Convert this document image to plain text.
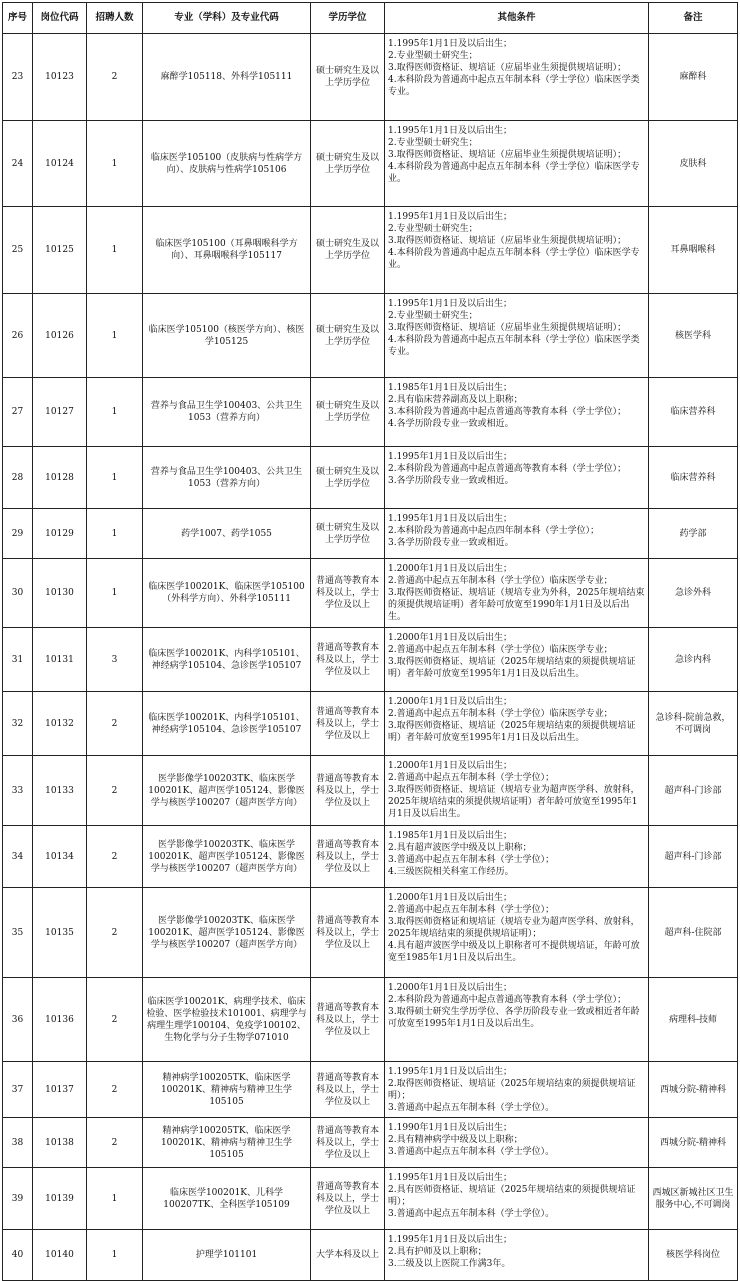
序号	岗位代码	招聘人数	专业（学科）及专业代码	学历学位	其他条件	备注
23	10123	2	麻醉学105118、外科学105111	硕士研究生及以上学历学位	1.1995年1月1日及以后出生；
2.专业型硕士研究生；
3.取得医师资格证、规培证（应届毕业生须提供规培证明）；
4.本科阶段为普通高中起点五年制本科（学士学位）临床医学类专业。	麻醉科
24	10124	1	临床医学105100（皮肤病与性病学方向）、皮肤病与性病学105106	硕士研究生及以上学历学位	1.1995年1月1日及以后出生；
2.专业型硕士研究生；
3.取得医师资格证、规培证（应届毕业生须提供规培证明）；
4.本科阶段为普通高中起点五年制本科（学士学位）临床医学专业。	皮肤科
25	10125	1	临床医学105100（耳鼻咽喉科学方向）、耳鼻咽喉科学105117	硕士研究生及以上学历学位	1.1995年1月1日及以后出生；
2.专业型硕士研究生；
3.取得医师资格证、规培证（应届毕业生须提供规培证明）；
4.本科阶段为普通高中起点五年制本科（学士学位）临床医学专业。	耳鼻咽喉科
26	10126	1	临床医学105100（核医学方向）、核医学105125	硕士研究生及以上学历学位	1.1995年1月1日及以后出生；
2.专业型硕士研究生；
3.取得医师资格证、规培证（应届毕业生须提供规培证明）；
4.本科阶段为普通高中起点五年制本科（学士学位）临床医学类专业。	核医学科
27	10127	1	营养与食品卫生学100403、公共卫生1053（营养方向）	硕士研究生及以上学历学位	1.1985年1月1日及以后出生；
2.具有临床营养副高及以上职称；
3.本科阶段为普通高中起点普通高等教育本科（学士学位）；
4.各学历阶段专业一致或相近。	临床营养科
28	10128	1	营养与食品卫生学100403、公共卫生1053（营养方向）	硕士研究生及以上学历学位	1.1995年1月1日及以后出生；
2.本科阶段为普通高中起点普通高等教育本科（学士学位）；
3.各学历阶段专业一致或相近。	临床营养科
29	10129	1	药学1007、药学1055	硕士研究生及以上学历学位	1.1995年1月1日及以后出生；
2.本科阶段为普通高中起点四年制本科（学士学位）；
3.各学历阶段专业一致或相近。	药学部
30	10130	1	临床医学100201K、临床医学105100（外科学方向）、外科学105111	普通高等教育本科及以上，学士学位及以上	1.2000年1月1日及以后出生；
2.普通高中起点五年制本科（学士学位）临床医学专业；
3.取得医师资格证、规培证（规培专业为外科，2025年规培结束的须提供规培证明）者年龄可放宽至1990年1月1日及以后出生。	急诊外科
31	10131	3	临床医学100201K、内科学105101、神经病学105104、急诊医学105107	普通高等教育本科及以上，学士学位及以上	1.2000年1月1日及以后出生；
2.普通高中起点五年制本科（学士学位）临床医学专业；
3.取得医师资格证、规培证（2025年规培结束的须提供规培证明）者年龄可放宽至1995年1月1日及以后出生。	急诊内科
32	10132	2	临床医学100201K、内科学105101、神经病学105104、急诊医学105107	普通高等教育本科及以上，学士学位及以上	1.2000年1月1日及以后出生；
2.普通高中起点五年制本科（学士学位）临床医学专业；
3.取得医师资格证、规培证（2025年规培结束的须提供规培证明）者年龄可放宽至1995年1月1日及以后出生。	急诊科-院前急救，不可调岗
33	10133	2	医学影像学100203TK、临床医学100201K、超声医学105124、影像医学与核医学100207（超声医学方向）	普通高等教育本科及以上，学士学位及以上	1.2000年1月1日及以后出生；
2.普通高中起点五年制本科（学士学位）；
3.取得医师资格证、规培证（规培专业为超声医学科、放射科，2025年规培结束的须提供规培证明）者年龄可放宽至1995年1月1日及以后出生。	超声科-门诊部
34	10134	2	医学影像学100203TK、临床医学100201K、超声医学105124、影像医学与核医学100207（超声医学方向）	普通高等教育本科及以上，学士学位及以上	1.1985年1月1日及以后出生；
2.具有超声波医学中级及以上职称；
3.普通高中起点五年制本科（学士学位）；
4.三级医院相关科室工作经历。	超声科-门诊部
35	10135	2	医学影像学100203TK、临床医学100201K、超声医学105124、影像医学与核医学100207（超声医学方向）	普通高等教育本科及以上，学士学位及以上	1.2000年1月1日及以后出生；
2.普通高中起点五年制本科（学士学位）；
3.取得医师资格证和规培证（规培专业为超声医学科、放射科，2025年规培结束的须提供规培证明）；
4.具有超声波医学中级及以上职称者可不提供规培证，年龄可放宽至1985年1月1日及以后出生。	超声科-住院部
36	10136	2	临床医学100201K、病理学技术、临床检验、医学检验技术101001、病理学与病理生理学100104、免疫学100102、生物化学与分子生物学071010	普通高等教育本科及以上，学士学位及以上	1.2000年1月1日及以后出生；
2.本科阶段为普通高中起点普通高等教育本科（学士学位）；
3.取得硕士研究生学历学位、各学历阶段专业一致或相近者年龄可放宽至1995年1月1日及以后出生。	病理科-技师
37	10137	2	精神病学100205TK、临床医学100201K、精神病与精神卫生学105105	普通高等教育本科及以上，学士学位及以上	1.1995年1月1日及以后出生；
2.取得医师资格证、规培证（2025年规培结束的须提供规培证明）；
3.普通高中起点五年制本科（学士学位）。	西城分院-精神科
38	10138	2	精神病学100205TK、临床医学100201K、精神病与精神卫生学105105	普通高等教育本科及以上，学士学位及以上	1.1990年1月1日及以后出生；
2.具有精神病学中级及以上职称；
3.普通高中起点五年制本科（学士学位）。	西城分院-精神科
39	10139	1	临床医学100201K、儿科学100207TK、全科医学105109	普通高等教育本科及以上，学士学位及以上	1.1995年1月1日及以后出生；
2.具有医师资格证、规培证（2025年规培结束的须提供规培证明）；
3.普通高中起点五年制本科（学士学位）。	西城区新城社区卫生服务中心,不可调岗
40	10140	1	护理学101101	大学本科及以上	1.1995年1月1日及以后出生；
2.具有护师及以上职称；
3.二级及以上医院工作满3年。	核医学科岗位
